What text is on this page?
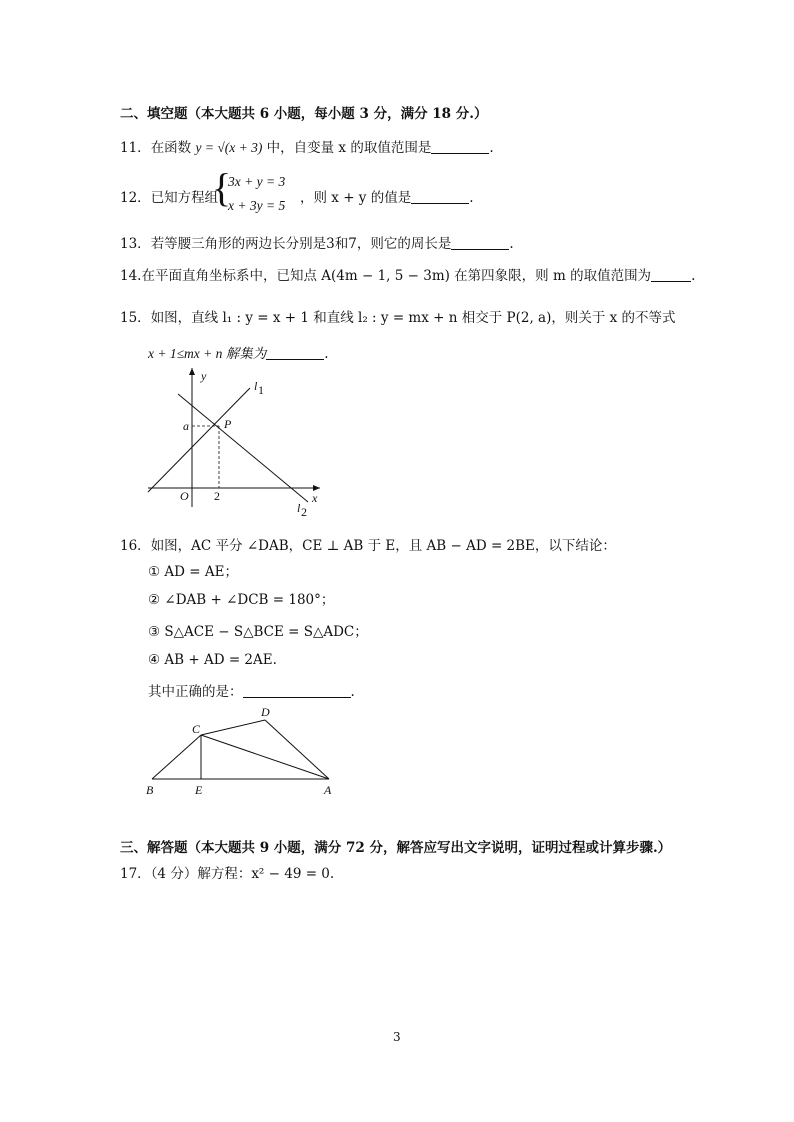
二、填空题（本大题共 6 小题，每小题 3 分，满分 18 分.）
11．在函数 y = √(x + 3) 中，自变量 x 的取值范围是	.
12．已知方程组
{
3x + y = 3
x + 3y = 5 ，则 x + y 的值是	.
13．若等腰三角形的两边长分别是3和7，则它的周长是	.
14.在平面直角坐标系中，已知点 A(4m − 1, 5 − 3m) 在第四象限，则 m 的取值范围为	.
15．如图，直线 l₁ : y = x + 1 和直线 l₂ : y = mx + n 相交于 P(2, a)，则关于 x 的不等式
x + 1≤mx + n 解集为	.
y
x
O
a	P
2
l 1
l 2
16．如图，AC 平分 ∠DAB，CE ⊥ AB 于 E，且 AB − AD = 2BE，以下结论：
① AD = AE；
② ∠DAB + ∠DCB = 180°；
③ S△ACE − S△BCE = S△ADC；
④ AB + AD = 2AE.
其中正确的是：	.
C
D
B	E	A
三、解答题（本大题共 9 小题，满分 72 分，解答应写出文字说明，证明过程或计算步骤.）
17．（4 分）解方程：x² − 49 = 0.
3
